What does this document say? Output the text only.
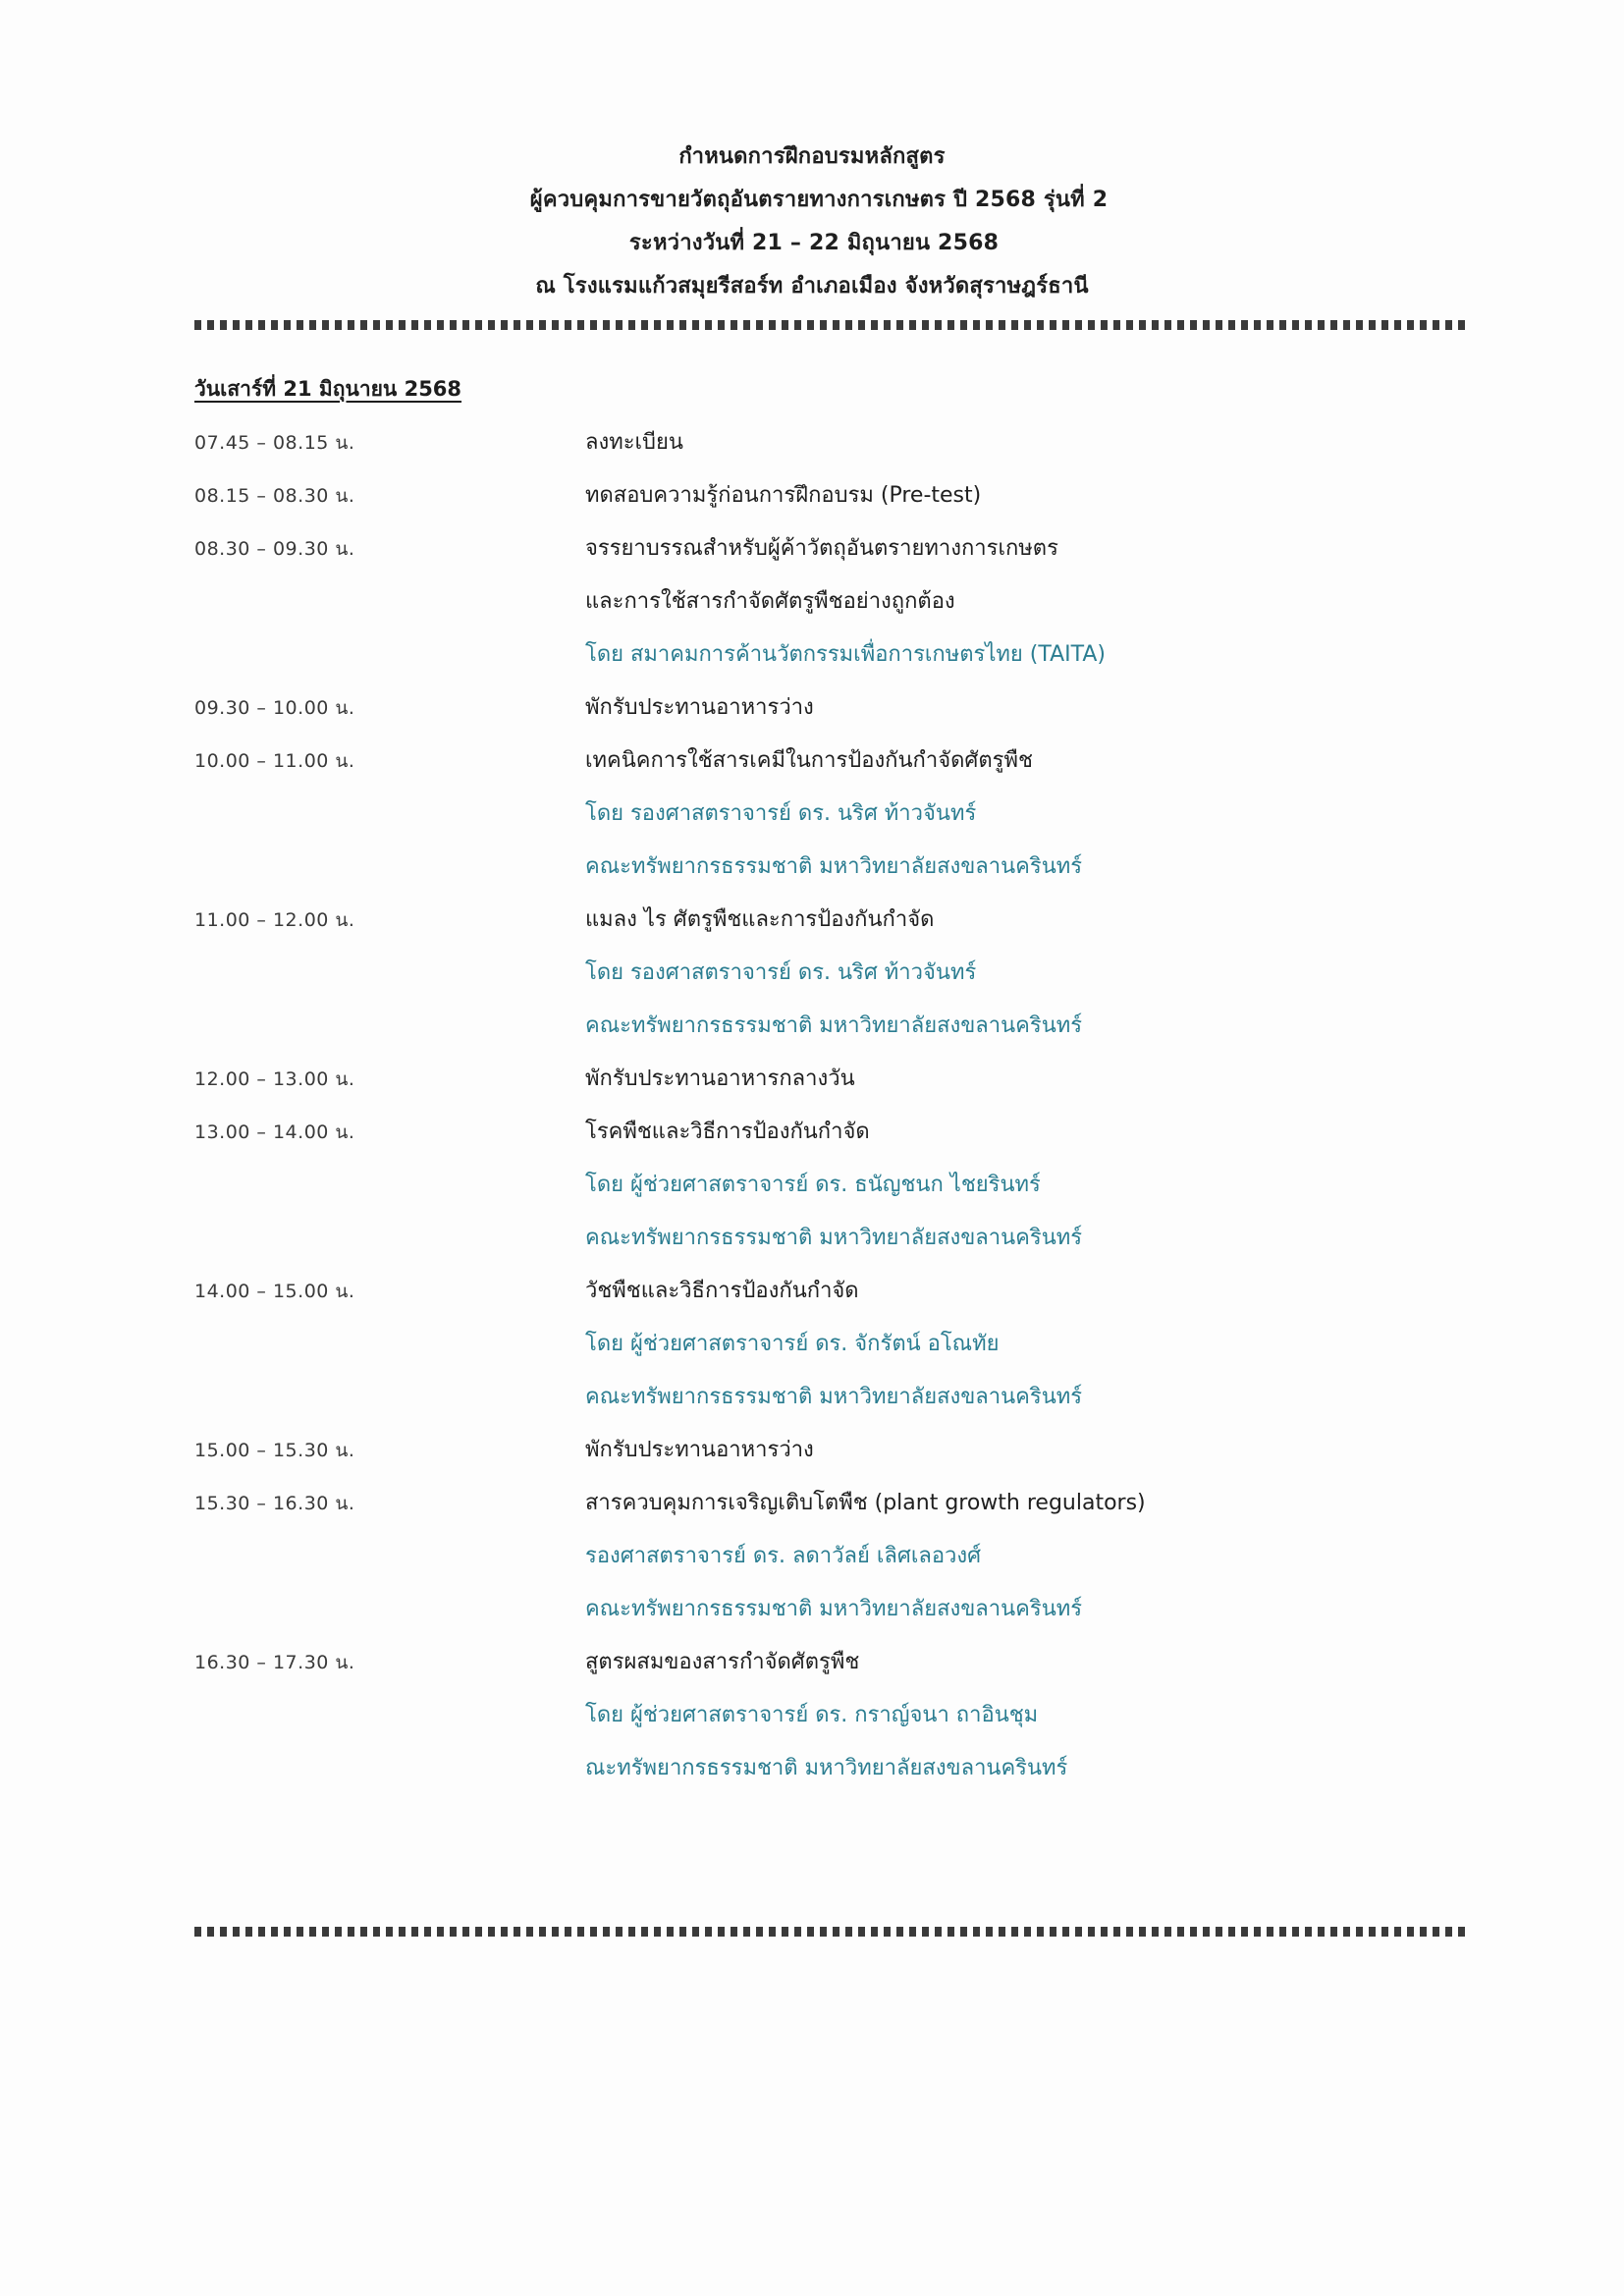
กำหนดการฝึกอบรมหลักสูตร
ผู้ควบคุมการขายวัตถุอันตรายทางการเกษตร ปี 2568 รุ่นที่ 2
ระหว่างวันที่ 21 – 22 มิถุนายน 2568
ณ โรงแรมแก้วสมุยรีสอร์ท อำเภอเมือง จังหวัดสุราษฎร์ธานี
วันเสาร์ที่ 21 มิถุนายน 2568
07.45 – 08.15 น.	ลงทะเบียน
08.15 – 08.30 น.	ทดสอบความรู้ก่อนการฝึกอบรม (Pre-test)
08.30 – 09.30 น.	จรรยาบรรณสำหรับผู้ค้าวัตถุอันตรายทางการเกษตร
และการใช้สารกำจัดศัตรูพืชอย่างถูกต้อง
โดย สมาคมการค้านวัตกรรมเพื่อการเกษตรไทย (TAITA)
09.30 – 10.00 น.	พักรับประทานอาหารว่าง
10.00 – 11.00 น.	เทคนิคการใช้สารเคมีในการป้องกันกำจัดศัตรูพืช
โดย รองศาสตราจารย์ ดร. นริศ ท้าวจันทร์
คณะทรัพยากรธรรมชาติ มหาวิทยาลัยสงขลานครินทร์
11.00 – 12.00 น.	แมลง ไร ศัตรูพืชและการป้องกันกำจัด
โดย รองศาสตราจารย์ ดร. นริศ ท้าวจันทร์
คณะทรัพยากรธรรมชาติ มหาวิทยาลัยสงขลานครินทร์
12.00 – 13.00 น.	พักรับประทานอาหารกลางวัน
13.00 – 14.00 น.	โรคพืชและวิธีการป้องกันกำจัด
โดย ผู้ช่วยศาสตราจารย์ ดร. ธนัญชนก ไชยรินทร์
คณะทรัพยากรธรรมชาติ มหาวิทยาลัยสงขลานครินทร์
14.00 – 15.00 น.	วัชพืชและวิธีการป้องกันกำจัด
โดย ผู้ช่วยศาสตราจารย์ ดร. จักรัตน์ อโณทัย
คณะทรัพยากรธรรมชาติ มหาวิทยาลัยสงขลานครินทร์
15.00 – 15.30 น.	พักรับประทานอาหารว่าง
15.30 – 16.30 น.	สารควบคุมการเจริญเติบโตพืช (plant growth regulators)
รองศาสตราจารย์ ดร. ลดาวัลย์ เลิศเลอวงศ์
คณะทรัพยากรธรรมชาติ มหาวิทยาลัยสงขลานครินทร์
16.30 – 17.30 น.	สูตรผสมของสารกำจัดศัตรูพืช
โดย ผู้ช่วยศาสตราจารย์ ดร. กราญ์จนา ถาอินชุม
ณะทรัพยากรธรรมชาติ มหาวิทยาลัยสงขลานครินทร์
